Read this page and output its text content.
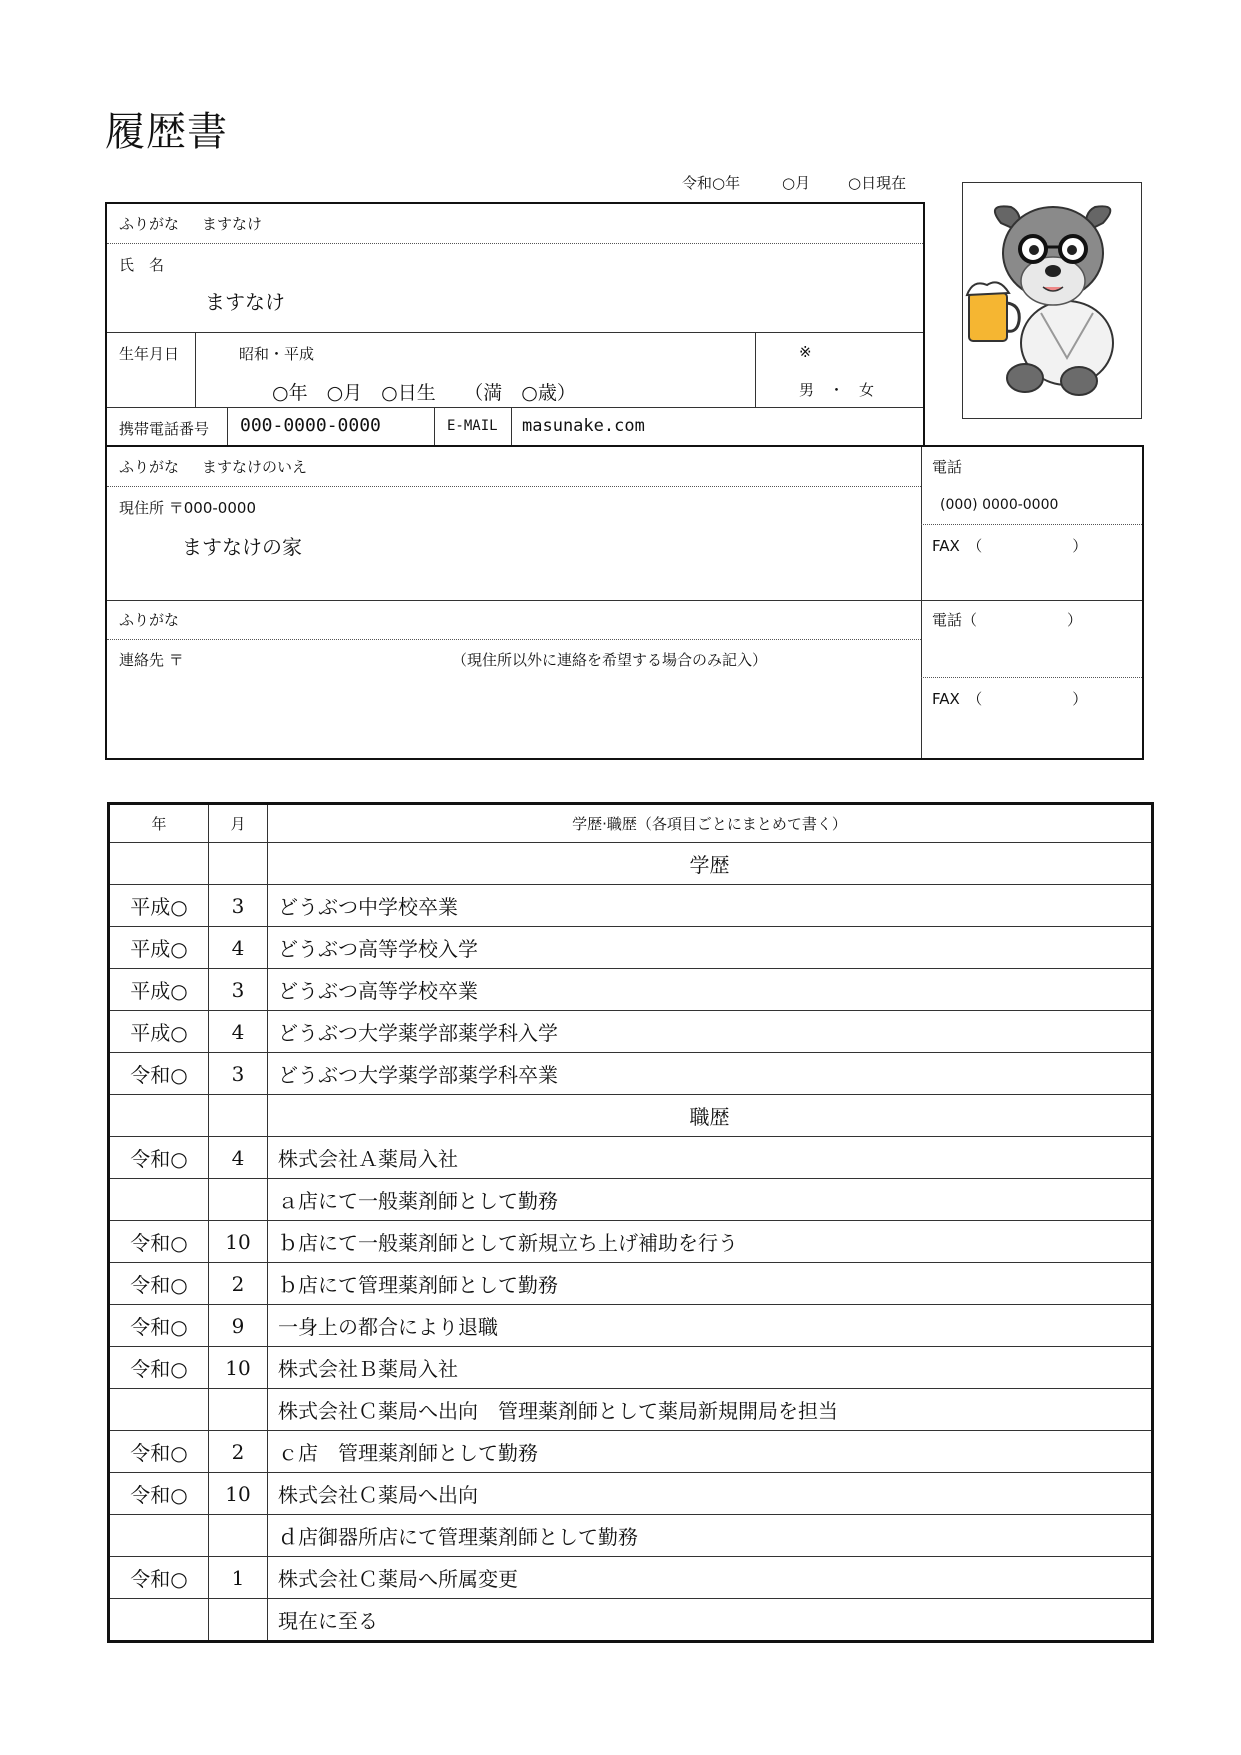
履歴書
令和○年	○月	○日現在
ふりがな ますなけ
氏　名
ますなけ
生年月日	昭和・平成
○年　○月　○日生　　（満　○歳）
※
男　・　女
携帯電話番号 000-0000-0000	E-MAIL masunake.com
ふりがな ますなけのいえ
現住所 〒000-0000
ますなけの家
電話
(000) 0000-0000
FAX　（　　　　　　）
ふりがな
連絡先 〒	（現住所以外に連絡を希望する場合のみ記入）
電話（　　　　　　）
FAX　（　　　　　　）
年	月	学歴·職歴（各項目ごとにまとめて書く）
		学歴
平成○	3	どうぶつ中学校卒業
平成○	4	どうぶつ高等学校入学
平成○	3	どうぶつ高等学校卒業
平成○	4	どうぶつ大学薬学部薬学科入学
令和○	3	どうぶつ大学薬学部薬学科卒業
		職歴
令和○	4	株式会社Ａ薬局入社
		ａ店にて一般薬剤師として勤務
令和○	10	ｂ店にて一般薬剤師として新規立ち上げ補助を行う
令和○	2	ｂ店にて管理薬剤師として勤務
令和○	9	一身上の都合により退職
令和○	10	株式会社Ｂ薬局入社
		株式会社Ｃ薬局へ出向　管理薬剤師として薬局新規開局を担当
令和○	2	ｃ店　管理薬剤師として勤務
令和○	10	株式会社Ｃ薬局へ出向
		ｄ店御器所店にて管理薬剤師として勤務
令和○	1	株式会社Ｃ薬局へ所属変更
		現在に至る
